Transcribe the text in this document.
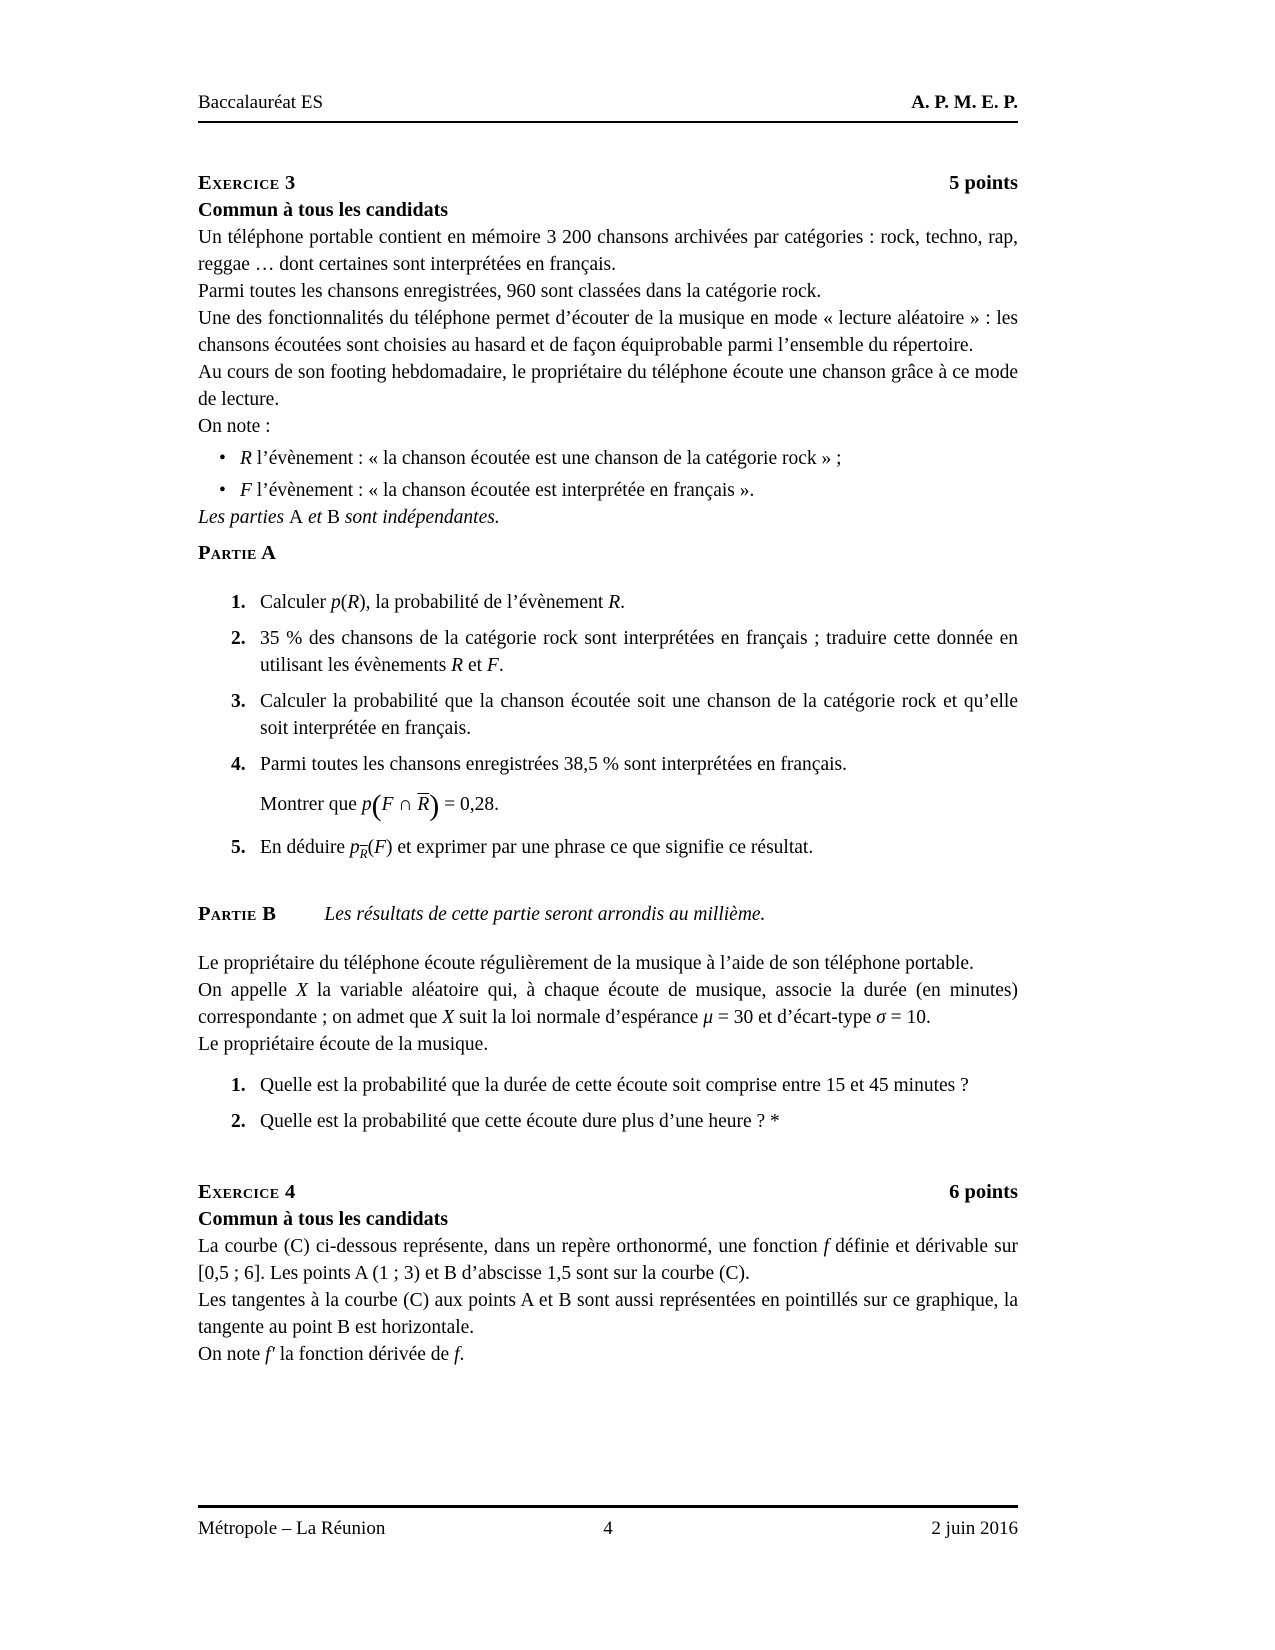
Baccalauréat ES	A. P. M. E. P.
Exercice 3	5 points
Commun à tous les candidats

Un téléphone portable contient en mémoire 3 200 chansons archivées par catégories : rock, techno, rap, reggae … dont certaines sont interprétées en français.

Parmi toutes les chansons enregistrées, 960 sont classées dans la catégorie rock.

Une des fonctionnalités du téléphone permet d’écouter de la musique en mode « lecture aléatoire » : les chansons écoutées sont choisies au hasard et de façon équiprobable parmi l’ensemble du répertoire.

Au cours de son footing hebdomadaire, le propriétaire du téléphone écoute une chanson grâce à ce mode de lecture.

On note :

• R l’évènement : « la chanson écoutée est une chanson de la catégorie rock » ;
• F l’évènement : « la chanson écoutée est interprétée en français ».

Les parties A et B sont indépendantes.

Partie A
1. Calculer p(R), la probabilité de l’évènement R.
2. 35 % des chansons de la catégorie rock sont interprétées en français ; traduire cette donnée en utilisant les évènements R et F.
3. Calculer la probabilité que la chanson écoutée soit une chanson de la catégorie rock et qu’elle soit interprétée en français.
4. Parmi toutes les chansons enregistrées 38,5 % sont interprétées en français.
Montrer que p(F ∩ $\overline{R}) = 0,28$.
5. En déduire $p_{\overline{R}}(F)$ et exprimer par une phrase ce que signifie ce résultat.
Partie B Les résultats de cette partie seront arrondis au millième.

Le propriétaire du téléphone écoute régulièrement de la musique à l’aide de son téléphone portable.

On appelle X la variable aléatoire qui, à chaque écoute de musique, associe la durée (en minutes) correspondante ; on admet que X suit la loi normale d’espérance μ = 30 et d’écart-type σ = 10.

Le propriétaire écoute de la musique.

1. Quelle est la probabilité que la durée de cette écoute soit comprise entre 15 et 45 minutes ?
2. Quelle est la probabilité que cette écoute dure plus d’une heure ? *
Exercice 4	6 points
Commun à tous les candidats

La courbe (C) ci-dessous représente, dans un repère orthonormé, une fonction f définie et dérivable sur [0,5 ; 6]. Les points A (1 ; 3) et B d’abscisse 1,5 sont sur la courbe (C).

Les tangentes à la courbe (C) aux points A et B sont aussi représentées en pointillés sur ce graphique, la tangente au point B est horizontale.

On note f′ la fonction dérivée de f.

Métropole – La Réunion	4	2 juin 2016
